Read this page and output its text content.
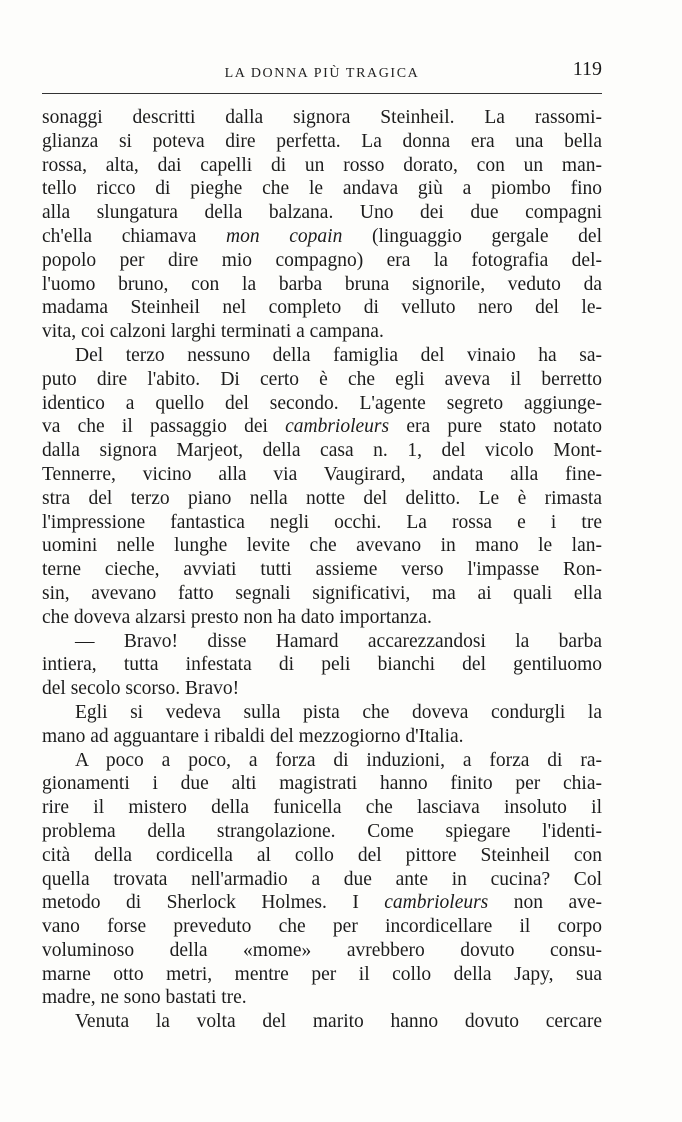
LA DONNA PIÙ TRAGICA	119
sonaggi descritti dalla signora Steinheil. La rassomi-
glianza si poteva dire perfetta. La donna era una bella
rossa, alta, dai capelli di un rosso dorato, con un man-
tello ricco di pieghe che le andava giù a piombo fino
alla slungatura della balzana. Uno dei due compagni
ch'ella chiamava mon copain (linguaggio gergale del
popolo per dire mio compagno) era la fotografia del-
l'uomo bruno, con la barba bruna signorile, veduto da
madama Steinheil nel completo di velluto nero del le-
vita, coi calzoni larghi terminati a campana.
Del terzo nessuno della famiglia del vinaio ha sa-
puto dire l'abito. Di certo è che egli aveva il berretto
identico a quello del secondo. L'agente segreto aggiunge-
va che il passaggio dei cambrioleurs era pure stato notato
dalla signora Marjeot, della casa n. 1, del vicolo Mont-
Tennerre, vicino alla via Vaugirard, andata alla fine-
stra del terzo piano nella notte del delitto. Le è rimasta
l'impressione fantastica negli occhi. La rossa e i tre
uomini nelle lunghe levite che avevano in mano le lan-
terne cieche, avviati tutti assieme verso l'impasse Ron-
sin, avevano fatto segnali significativi, ma ai quali ella
che doveva alzarsi presto non ha dato importanza.
— Bravo! disse Hamard accarezzandosi la barba
intiera, tutta infestata di peli bianchi del gentiluomo
del secolo scorso. Bravo!
Egli si vedeva sulla pista che doveva condurgli la
mano ad agguantare i ribaldi del mezzogiorno d'Italia.
A poco a poco, a forza di induzioni, a forza di ra-
gionamenti i due alti magistrati hanno finito per chia-
rire il mistero della funicella che lasciava insoluto il
problema della strangolazione. Come spiegare l'identi-
cità della cordicella al collo del pittore Steinheil con
quella trovata nell'armadio a due ante in cucina? Col
metodo di Sherlock Holmes. I cambrioleurs non ave-
vano forse preveduto che per incordicellare il corpo
voluminoso della «mome» avrebbero dovuto consu-
marne otto metri, mentre per il collo della Japy, sua
madre, ne sono bastati tre.
Venuta la volta del marito hanno dovuto cercare
